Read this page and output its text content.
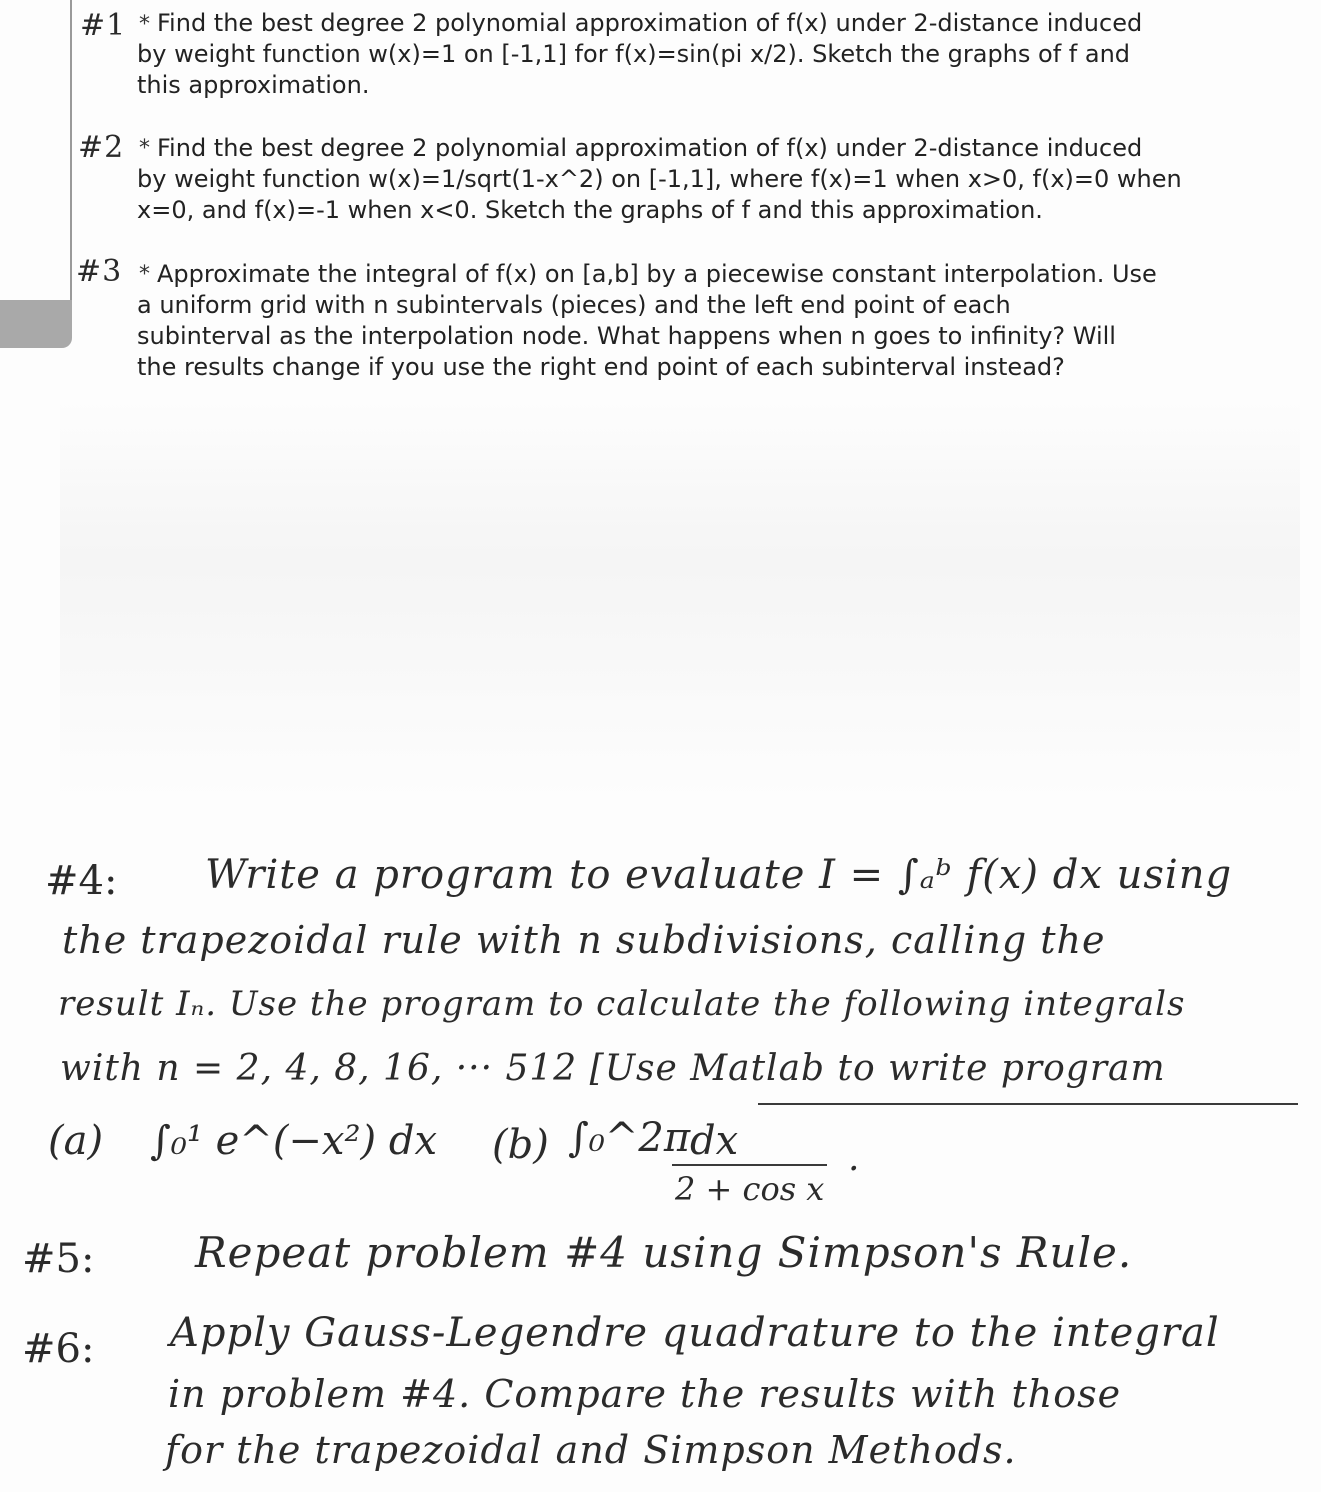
#1 * Find the best degree 2 polynomial approximation of f(x) under 2-distance induced
by weight function w(x)=1 on [-1,1] for f(x)=sin(pi x/2). Sketch the graphs of f and
this approximation.
#2 * Find the best degree 2 polynomial approximation of f(x) under 2-distance induced
by weight function w(x)=1/sqrt(1-x^2) on [-1,1], where f(x)=1 when x>0, f(x)=0 when
x=0, and f(x)=-1 when x<0. Sketch the graphs of f and this approximation.
#3 * Approximate the integral of f(x) on [a,b] by a piecewise constant interpolation. Use
a uniform grid with n subintervals (pieces) and the left end point of each
subinterval as the interpolation node. What happens when n goes to infinity? Will
the results change if you use the right end point of each subinterval instead?
#4: Write a program to evaluate I = ∫ₐᵇ f(x) dx using
the trapezoidal rule with n subdivisions, calling the
result Iₙ. Use the program to calculate the following integrals
with n = 2, 4, 8, 16, ··· 512 [Use Matlab to write program
(a) ∫₀¹ e^(−x²) dx (b) ∫₀^2π dx
2 + cos x
.
#5: Repeat problem #4 using Simpson's Rule.
#6: Apply Gauss-Legendre quadrature to the integral
in problem #4. Compare the results with those
for the trapezoidal and Simpson Methods.
